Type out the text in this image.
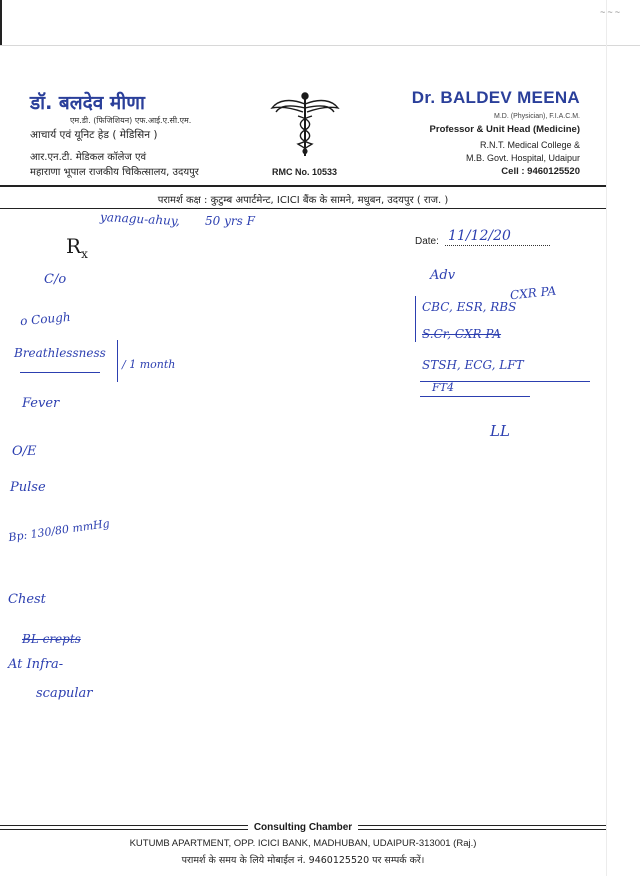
~~~
डॉ. बलदेव मीणा
एम.डी. (फिजिशियन) एफ.आई.ए.सी.एम.
आचार्य एवं यूनिट हेड ( मेडिसिन )
आर.एन.टी. मेडिकल कॉलेज एवं
महाराणा भूपाल राजकीय चिकित्सालय, उदयपुर	RMC No. 10533
Dr. BALDEV MEENA
M.D. (Physician), F.I.A.C.M.
Professor & Unit Head (Medicine)
R.N.T. Medical College &
M.B. Govt. Hospital, Udaipur
Cell : 9460125520
परामर्श कक्ष : कुटुम्ब अपार्टमेन्ट, ICICI बैंक के सामने, मधुबन, उदयपुर ( राज. )
$R_x$
Date: 11/12/20
yanagu-ahuy, 50 yrs F
C/o
o Cough
Breathlessness
/ 1 month
Fever
O/E
Pulse
Bp: 130/80 mmHg
Chest
BL crepts
At Infra-
scapular
Adv
CXR PA
CBC, ESR, RBS
S.Cr, CXR PA
STSH, ECG, LFT
FT4
LL
Consulting Chamber
KUTUMB APARTMENT, OPP. ICICI BANK, MADHUBAN, UDAIPUR-313001 (Raj.)
परामर्श के समय के लिये मोबाईल नं. 9460125520 पर सम्पर्क करें।
